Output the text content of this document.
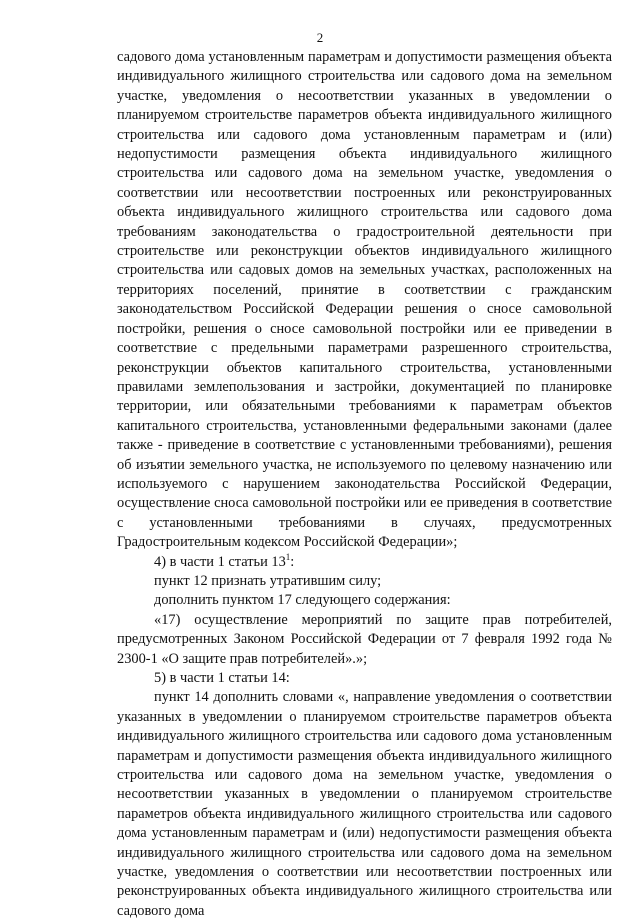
2

садового дома установленным параметрам и допустимости размещения объекта индивидуального жилищного строительства или садового дома на земельном участке, уведомления о несоответствии указанных в уведомлении о планируемом строительстве параметров объекта индивидуального жилищного строительства или садового дома установленным параметрам и (или) недопустимости размещения объекта индивидуального жилищного строительства или садового дома на земельном участке, уведомления о соответствии или несоответствии построенных или реконструированных объекта индивидуального жилищного строительства или садового дома требованиям законодательства о градостроительной деятельности при строительстве или реконструкции объектов индивидуального жилищного строительства или садовых домов на земельных участках, расположенных на территориях поселений, принятие в соответствии с гражданским законодательством Российской Федерации решения о сносе самовольной постройки, решения о сносе самовольной постройки или ее приведении в соответствие с предельными параметрами разрешенного строительства, реконструкции объектов капитального строительства, установленными правилами землепользования и застройки, документацией по планировке территории, или обязательными требованиями к параметрам объектов капитального строительства, установленными федеральными законами (далее также - приведение в соответствие с установленными требованиями), решения об изъятии земельного участка, не используемого по целевому назначению или используемого с нарушением законодательства Российской Федерации, осуществление сноса самовольной постройки или ее приведения в соответствие с установленными требованиями в случаях, предусмотренных Градостроительным кодексом Российской Федерации»;

4) в части 1 статьи $13^1$:

пункт 12 признать утратившим силу;

дополнить пунктом 17 следующего содержания:

«17) осуществление мероприятий по защите прав потребителей, предусмотренных Законом Российской Федерации от 7 февраля 1992 года № 2300-1 «О защите прав потребителей».»;

5) в части 1 статьи 14:

пункт 14 дополнить словами «, направление уведомления о соответствии указанных в уведомлении о планируемом строительстве параметров объекта индивидуального жилищного строительства или садового дома установленным параметрам и допустимости размещения объекта индивидуального жилищного строительства или садового дома на земельном участке, уведомления о несоответствии указанных в уведомлении о планируемом строительстве параметров объекта индивидуального жилищного строительства или садового дома установленным параметрам и (или) недопустимости размещения объекта индивидуального жилищного строительства или садового дома на земельном участке, уведомления о соответствии или несоответствии построенных или реконструированных объекта индивидуального жилищного строительства или садового дома
